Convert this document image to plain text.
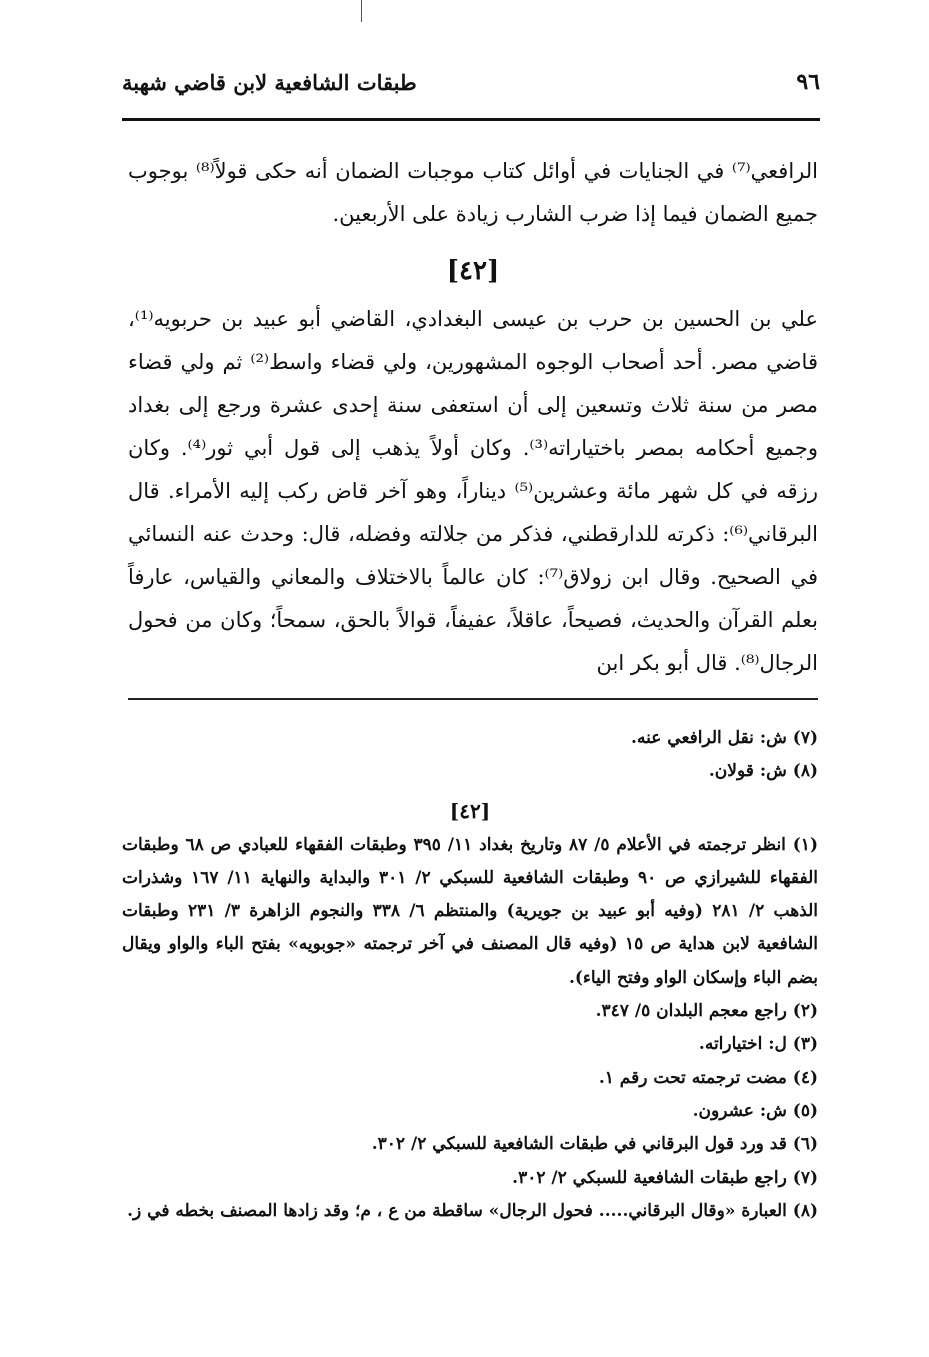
٩٦
طبقات الشافعية لابن قاضي شهبة

الرافعي⁽⁷⁾ في الجنايات في أوائل كتاب موجبات الضمان أنه حكى قولاً⁽⁸⁾ بوجوب جميع الضمان فيما إذا ضرب الشارب زيادة على الأربعين.

[٤٢]

علي بن الحسين بن حرب بن عيسى البغدادي، القاضي أبو عبيد بن حربويه⁽¹⁾، قاضي مصر. أحد أصحاب الوجوه المشهورين، ولي قضاء واسط⁽²⁾ ثم ولي قضاء مصر من سنة ثلاث وتسعين إلى أن استعفى سنة إحدى عشرة ورجع إلى بغداد وجميع أحكامه بمصر باختياراته⁽³⁾. وكان أولاً يذهب إلى قول أبي ثور⁽⁴⁾. وكان رزقه في كل شهر مائة وعشرين⁽⁵⁾ ديناراً، وهو آخر قاض ركب إليه الأمراء. قال البرقاني⁽⁶⁾: ذكرته للدارقطني، فذكر من جلالته وفضله، قال: وحدث عنه النسائي في الصحيح. وقال ابن زولاق⁽⁷⁾: كان عالماً بالاختلاف والمعاني والقياس، عارفاً بعلم القرآن والحديث، فصيحاً، عاقلاً، عفيفاً، قوالاً بالحق، سمحاً؛ وكان من فحول الرجال⁽⁸⁾. قال أبو بكر ابن

(٧) ش: نقل الرافعي عنه.

(٨) ش: قولان.

[٤٢]

(١) انظر ترجمته في الأعلام ٥/ ٨٧ وتاريخ بغداد ١١/ ٣٩٥ وطبقات الفقهاء للعبادي ص ٦٨ وطبقات الفقهاء للشيرازي ص ٩٠ وطبقات الشافعية للسبكي ٢/ ٣٠١ والبداية والنهاية ١١/ ١٦٧ وشذرات الذهب ٢/ ٢٨١ (وفيه أبو عبيد بن جويرية) والمنتظم ٦/ ٣٣٨ والنجوم الزاهرة ٣/ ٢٣١ وطبقات الشافعية لابن هداية ص ١٥ (وفيه قال المصنف في آخر ترجمته «جوبويه» بفتح الباء والواو ويقال بضم الباء وإسكان الواو وفتح الياء).

(٢) راجع معجم البلدان ٥/ ٣٤٧.

(٣) ل: اختياراته.

(٤) مضت ترجمته تحت رقم ١.

(٥) ش: عشرون.

(٦) قد ورد قول البرقاني في طبقات الشافعية للسبكي ٢/ ٣٠٢.

(٧) راجع طبقات الشافعية للسبكي ٢/ ٣٠٢.

(٨) العبارة «وقال البرقاني..... فحول الرجال» ساقطة من ع ، م؛ وقد زادها المصنف بخطه في ز.
